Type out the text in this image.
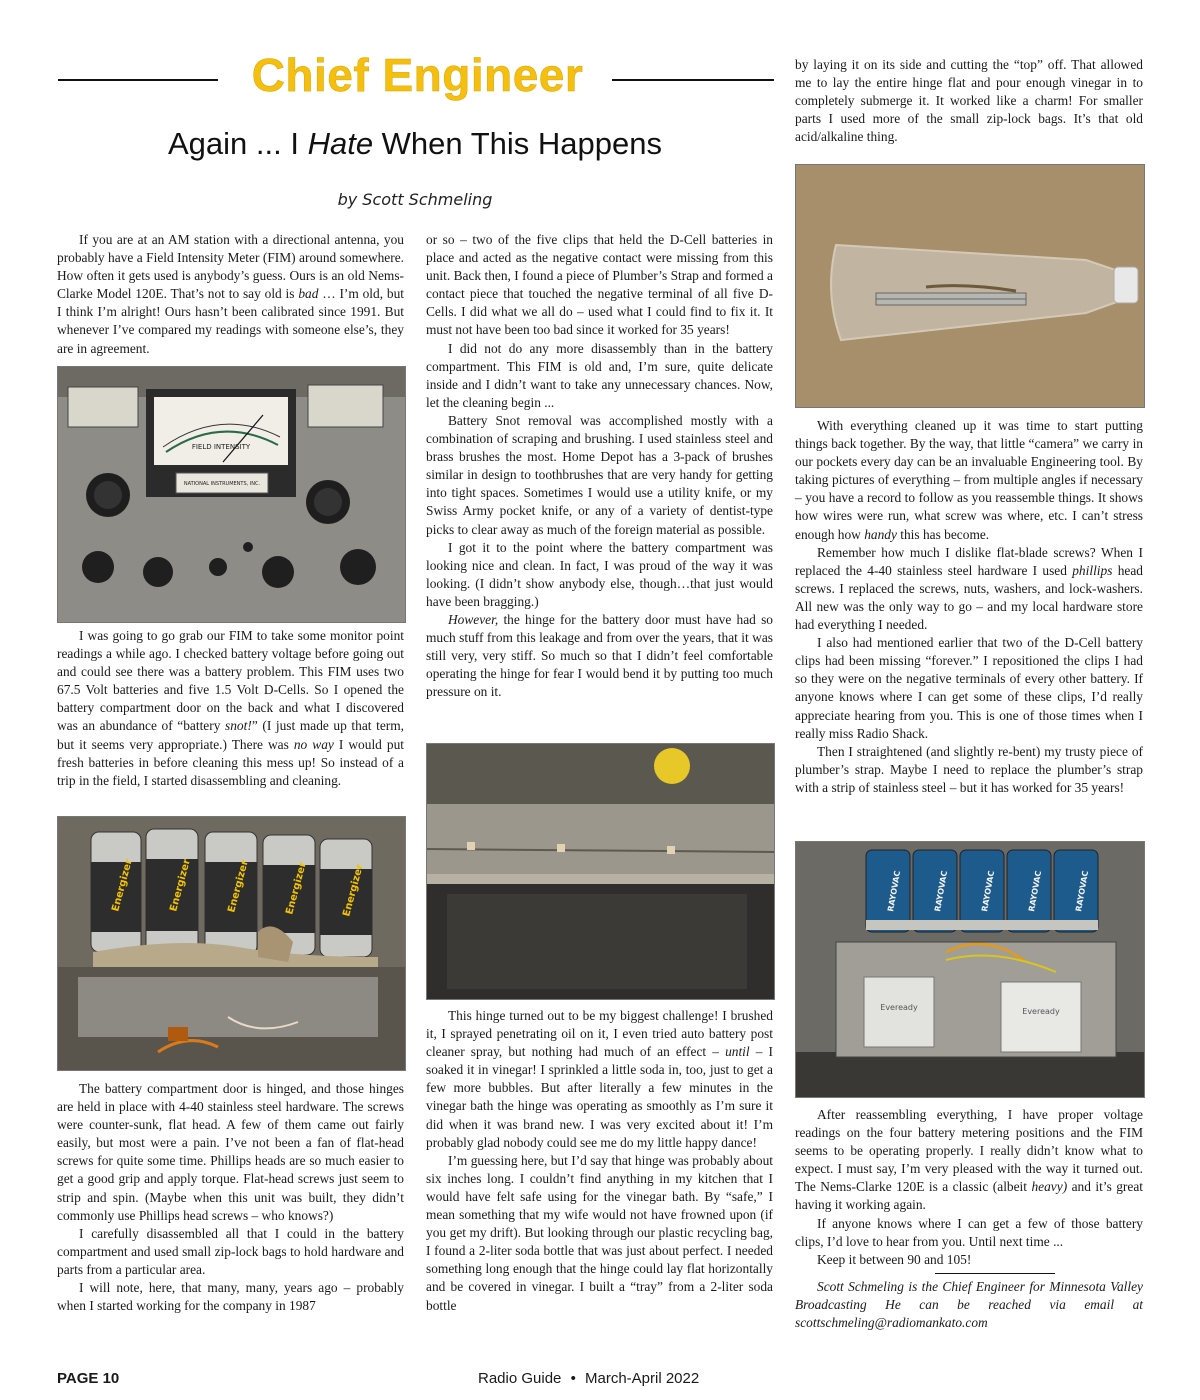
Chief Engineer
Again ... I Hate When This Happens
by Scott Schmeling

If you are at an AM station with a directional antenna, you probably have a Field Intensity Meter (FIM) around somewhere. How often it gets used is anybody’s guess. Ours is an old Nems-Clarke Model 120E. That’s not to say old is bad … I’m old, but I think I’m alright! Ours hasn’t been calibrated since 1991. But whenever I’ve compared my readings with someone else’s, they are in agreement.

FIELD INTENSITY
NATIONAL INSTRUMENTS, INC.

I was going to go grab our FIM to take some monitor point readings a while ago. I checked battery voltage before going out and could see there was a battery problem. This FIM uses two 67.5 Volt batteries and five 1.5 Volt D-Cells. So I opened the battery compartment door on the back and what I discovered was an abundance of “battery snot!” (I just made up that term, but it seems very appropriate.) There was no way I would put fresh batteries in before cleaning this mess up! So instead of a trip in the field, I started disassembling and cleaning.

Energizer	Energizer	Energizer	Energizer	Energizer

The battery compartment door is hinged, and those hinges are held in place with 4-40 stainless steel hardware. The screws were counter-sunk, flat head. A few of them came out fairly easily, but most were a pain. I’ve not been a fan of flat-head screws for quite some time. Phillips heads are so much easier to get a good grip and apply torque. Flat-head screws just seem to strip and spin. (Maybe when this unit was built, they didn’t commonly use Phillips head screws – who knows?)

I carefully disassembled all that I could in the battery compartment and used small zip-lock bags to hold hardware and parts from a particular area.

I will note, here, that many, many, years ago – probably when I started working for the company in 1987

or so – two of the five clips that held the D-Cell batteries in place and acted as the negative contact were missing from this unit. Back then, I found a piece of Plumber’s Strap and formed a contact piece that touched the negative terminal of all five D-Cells. I did what we all do – used what I could find to fix it. It must not have been too bad since it worked for 35 years!

I did not do any more disassembly than in the battery compartment. This FIM is old and, I’m sure, quite delicate inside and I didn’t want to take any unnecessary chances. Now, let the cleaning begin ...

Battery Snot removal was accomplished mostly with a combination of scraping and brushing. I used stainless steel and brass brushes the most. Home Depot has a 3-pack of brushes similar in design to toothbrushes that are very handy for getting into tight spaces. Sometimes I would use a utility knife, or my Swiss Army pocket knife, or any of a variety of dentist-type picks to clear away as much of the foreign material as possible.

I got it to the point where the battery compartment was looking nice and clean. In fact, I was proud of the way it was looking. (I didn’t show anybody else, though…that just would have been bragging.)

However, the hinge for the battery door must have had so much stuff from this leakage and from over the years, that it was still very, very stiff. So much so that I didn’t feel comfortable operating the hinge for fear I would bend it by putting too much pressure on it.

This hinge turned out to be my biggest challenge! I brushed it, I sprayed penetrating oil on it, I even tried auto battery post cleaner spray, but nothing had much of an effect – until – I soaked it in vinegar! I sprinkled a little soda in, too, just to get a few more bubbles. But after literally a few minutes in the vinegar bath the hinge was operating as smoothly as I’m sure it did when it was brand new. I was very excited about it! I’m probably glad nobody could see me do my little happy dance!

I’m guessing here, but I’d say that hinge was probably about six inches long. I couldn’t find anything in my kitchen that I would have felt safe using for the vinegar bath. By “safe,” I mean something that my wife would not have frowned upon (if you get my drift). But looking through our plastic recycling bag, I found a 2-liter soda bottle that was just about perfect. I needed something long enough that the hinge could lay flat horizontally and be covered in vinegar. I built a “tray” from a 2-liter soda bottle

by laying it on its side and cutting the “top” off. That allowed me to lay the entire hinge flat and pour enough vinegar in to completely submerge it. It worked like a charm! For smaller parts I used more of the small zip-lock bags. It’s that old acid/alkaline thing.

With everything cleaned up it was time to start putting things back together. By the way, that little “camera” we carry in our pockets every day can be an invaluable Engineering tool. By taking pictures of everything – from multiple angles if necessary – you have a record to follow as you reassemble things. It shows how wires were run, what screw was where, etc. I can’t stress enough how handy this has become.

Remember how much I dislike flat-blade screws? When I replaced the 4-40 stainless steel hardware I used phillips head screws. I replaced the screws, nuts, washers, and lock-washers. All new was the only way to go – and my local hardware store had everything I needed.

I also had mentioned earlier that two of the D-Cell battery clips had been missing “forever.” I repositioned the clips I had so they were on the negative terminals of every other battery. If anyone knows where I can get some of these clips, I’d really appreciate hearing from you. This is one of those times when I really miss Radio Shack.

Then I straightened (and slightly re-bent) my trusty piece of plumber’s strap. Maybe I need to replace the plumber’s strap with a strip of stainless steel – but it has worked for 35 years!

RAYOVAC	RAYOVAC	RAYOVAC	RAYOVAC	RAYOVAC
Eveready	Eveready

After reassembling everything, I have proper voltage readings on the four battery metering positions and the FIM seems to be operating properly. I really didn’t know what to expect. I must say, I’m very pleased with the way it turned out. The Nems-Clarke 120E is a classic (albeit heavy) and it’s great having it working again.

If anyone knows where I can get a few of those battery clips, I’d love to hear from you. Until next time ...

Keep it between 90 and 105!

Scott Schmeling is the Chief Engineer for Minnesota Valley Broadcasting He can be reached via email at scottschmeling@radiomankato.com

PAGE 10	Radio Guide • March-April 2022
